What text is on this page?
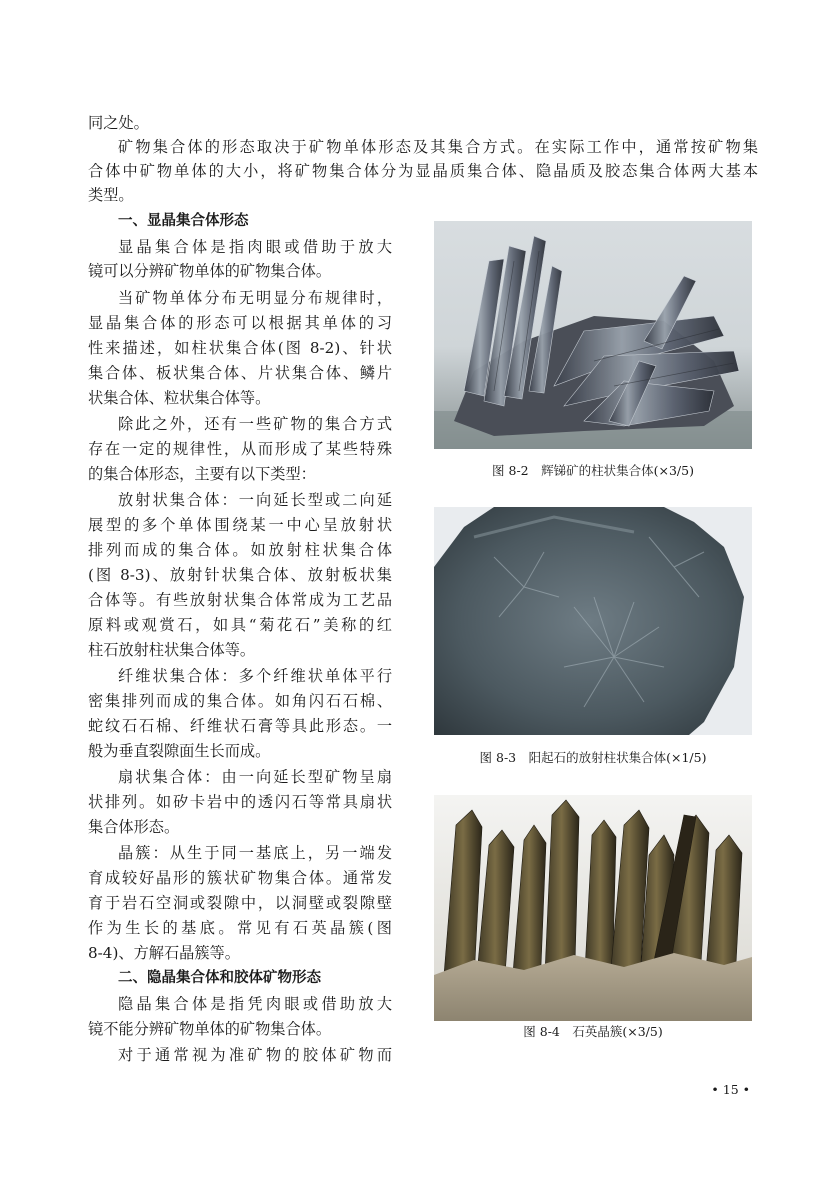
同之处。
矿物集合体的形态取决于矿物单体形态及其集合方式。在实际工作中，通常按矿物集
合体中矿物单体的大小，将矿物集合体分为显晶质集合体、隐晶质及胶态集合体两大基本
类型。
一、显晶集合体形态
显晶集合体是指肉眼或借助于放大
镜可以分辨矿物单体的矿物集合体。
当矿物单体分布无明显分布规律时，
显晶集合体的形态可以根据其单体的习
性来描述，如柱状集合体(图 8-2)、针状
集合体、板状集合体、片状集合体、鳞片
状集合体、粒状集合体等。
除此之外，还有一些矿物的集合方式
存在一定的规律性，从而形成了某些特殊
的集合体形态，主要有以下类型：
放射状集合体：一向延长型或二向延
展型的多个单体围绕某一中心呈放射状
排列而成的集合体。如放射柱状集合体
(图 8-3)、放射针状集合体、放射板状集
合体等。有些放射状集合体常成为工艺品
原料或观赏石，如具“菊花石”美称的红
柱石放射柱状集合体等。
纤维状集合体：多个纤维状单体平行
密集排列而成的集合体。如角闪石石棉、
蛇纹石石棉、纤维状石膏等具此形态。一
般为垂直裂隙面生长而成。
扇状集合体：由一向延长型矿物呈扇
状排列。如矽卡岩中的透闪石等常具扇状
集合体形态。
晶簇：从生于同一基底上，另一端发
育成较好晶形的簇状矿物集合体。通常发
育于岩石空洞或裂隙中，以洞壁或裂隙壁
作为生长的基底。常见有石英晶簇(图
8-4)、方解石晶簇等。
二、隐晶集合体和胶体矿物形态
隐晶集合体是指凭肉眼或借助放大
镜不能分辨矿物单体的矿物集合体。
对于通常视为准矿物的胶体矿物而
图 8-2　辉锑矿的柱状集合体(×3/5)
图 8-3　阳起石的放射柱状集合体(×1/5)
图 8-4　石英晶簇(×3/5)
• 15 •
